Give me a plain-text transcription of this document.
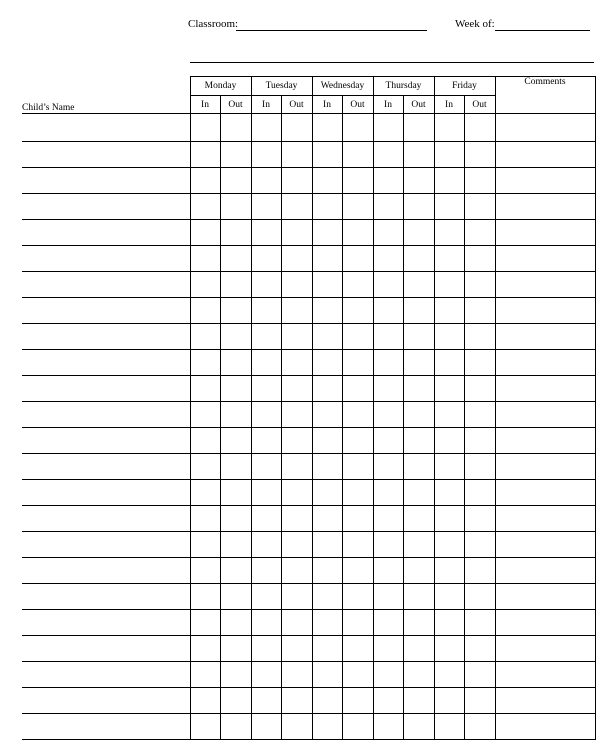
Classroom:	Week of:
Child’s Name	Monday		Tuesday		Wednesday		Thursday		Friday		Comments
	In	Out	In	Out	In	Out	In	Out	In	Out	
